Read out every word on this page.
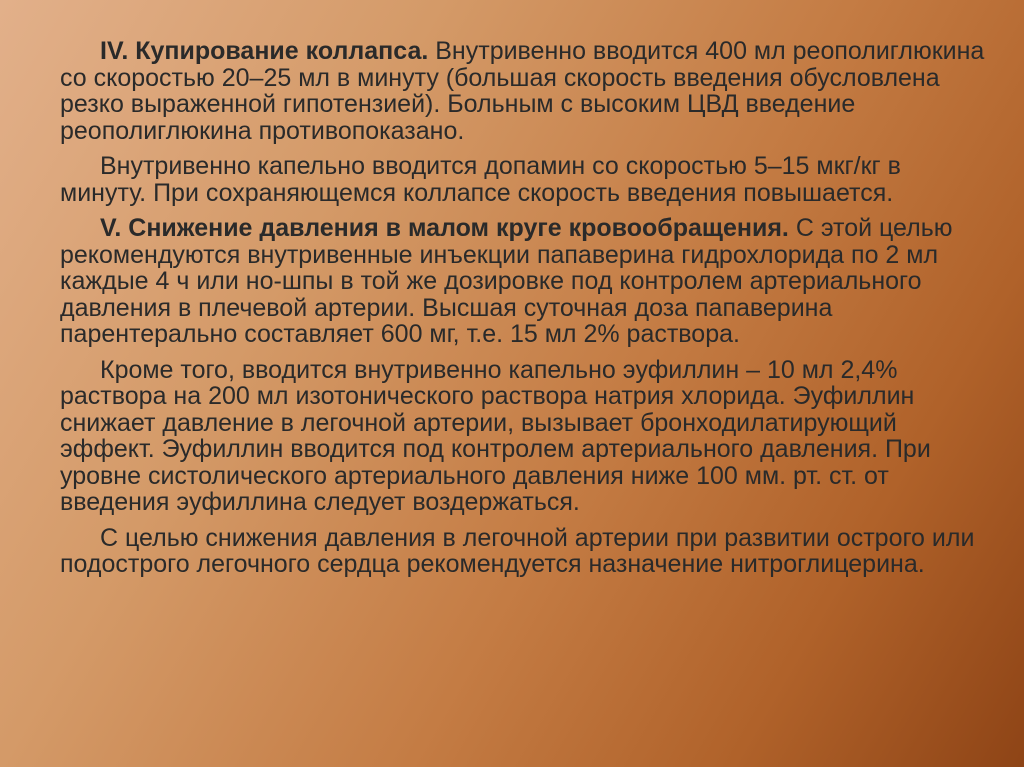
IV. Купирование коллапса. Внутривенно вводится 400 мл реополиглюкина со скоростью 20–25 мл в минуту (большая скорость введения обусловлена резко выраженной гипотензией). Больным с высоким ЦВД введение реополиглюкина противопоказано.

Внутривенно капельно вводится допамин со скоростью 5–15 мкг/кг в минуту. При сохраняющемся коллапсе скорость введения повышается.

V. Снижение давления в малом круге кровообращения. С этой целью рекомендуются внутривенные инъекции папаверина гидрохлорида по 2 мл каждые 4 ч или но-шпы в той же дозировке под контролем артериального давления в плечевой артерии. Высшая суточная доза папаверина парентерально составляет 600 мг, т.е. 15 мл 2% раствора.

Кроме того, вводится внутривенно капельно эуфиллин – 10 мл 2,4% раствора на 200 мл изотонического раствора натрия хлорида. Эуфиллин снижает давление в легочной артерии, вызывает бронходилатирующий эффект. Эуфиллин вводится под контролем артериального давления. При уровне систолического артериального давления ниже 100 мм. рт. ст. от введения эуфиллина следует воздержаться.

С целью снижения давления в легочной артерии при развитии острого или подострого легочного сердца рекомендуется назначение нитроглицерина.
